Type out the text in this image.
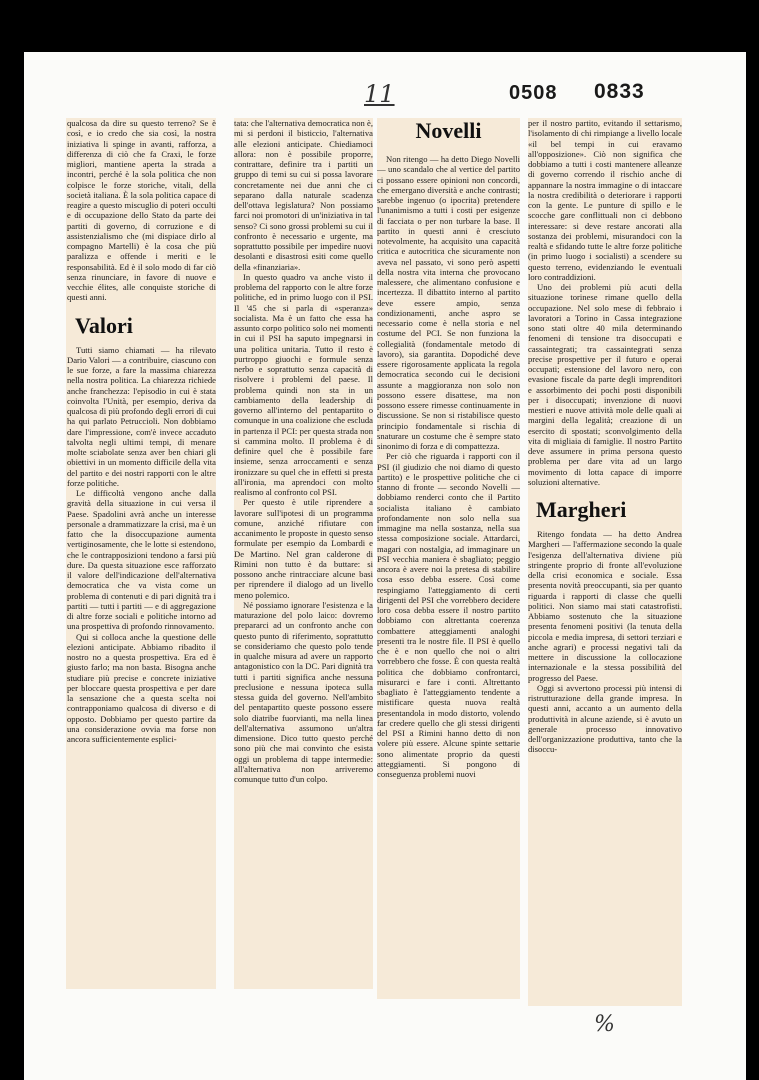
11	0508 0833

qualcosa da dire su questo terreno? Se è così, e io credo che sia così, la nostra iniziativa li spinge in avanti, rafforza, a differenza di ciò che fa Craxi, le forze migliori, mantiene aperta la strada a incontri, perché è la sola politica che non colpisce le forze storiche, vitali, della società italiana. È la sola politica capace di reagire a questo miscuglio di poteri occulti e di occupazione dello Stato da parte dei partiti di governo, di corruzione e di assistenzialismo che (mi dispiace dirlo al compagno Martelli) è la cosa che più paralizza e offende i meriti e le responsabilità. Ed è il solo modo di far ciò senza rinunciare, in favore di nuove e vecchie élites, alle conquiste storiche di questi anni.

Valori

Tutti siamo chiamati — ha rilevato Dario Valori — a contribuire, ciascuno con le sue forze, a fare la massima chiarezza nella nostra politica. La chiarezza richiede anche franchezza: l'episodio in cui è stata coinvolta l'Unità, per esempio, deriva da qualcosa di più profondo degli errori di cui ha qui parlato Petruccioli. Non dobbiamo dare l'impressione, com'è invece accaduto talvolta negli ultimi tempi, di menare molte sciabolate senza aver ben chiari gli obiettivi in un momento difficile della vita del partito e dei nostri rapporti con le altre forze politiche.

Le difficoltà vengono anche dalla gravità della situazione in cui versa il Paese. Spadolini avrà anche un interesse personale a drammatizzare la crisi, ma è un fatto che la disoccupazione aumenta vertiginosamente, che le lotte si estendono, che le contrapposizioni tendono a farsi più dure. Da questa situazione esce rafforzato il valore dell'indicazione dell'alternativa democratica che va vista come un problema di contenuti e di pari dignità tra i partiti — tutti i partiti — e di aggregazione di altre forze sociali e politiche intorno ad una prospettiva di profondo rinnovamento.

Qui si colloca anche la questione delle elezioni anticipate. Abbiamo ribadito il nostro no a questa prospettiva. Era ed è giusto farlo; ma non basta. Bisogna anche studiare più precise e concrete iniziative per bloccare questa prospettiva e per dare la sensazione che a questa scelta noi contrapponiamo qualcosa di diverso e di opposto. Dobbiamo per questo partire da una considerazione ovvia ma forse non ancora sufficientemente esplici-

tata: che l'alternativa democratica non è, mi si perdoni il bisticcio, l'alternativa alle elezioni anticipate. Chiediamoci allora: non è possibile proporre, contrattare, definire tra i partiti un gruppo di temi su cui si possa lavorare concretamente nei due anni che ci separano dalla naturale scadenza dell'ottava legislatura? Non possiamo farci noi promotori di un'iniziativa in tal senso? Ci sono grossi problemi su cui il confronto è necessario e urgente, ma soprattutto possibile per impedire nuovi desolanti e disastrosi esiti come quello della «finanziaria».

In questo quadro va anche visto il problema del rapporto con le altre forze politiche, ed in primo luogo con il PSI. Il '45 che si parla di «speranza» socialista. Ma è un fatto che essa ha assunto corpo politico solo nei momenti in cui il PSI ha saputo impegnarsi in una politica unitaria. Tutto il resto è purtroppo giuochi e formule senza nerbo e soprattutto senza capacità di risolvere i problemi del paese. Il problema quindi non sta in un cambiamento della leadership di governo all'interno del pentapartito o comunque in una coalizione che escluda in partenza il PCI: per questa strada non si cammina molto. Il problema è di definire quel che è possibile fare insieme, senza arroccamenti e senza ironizzare su quel che in effetti si presta all'ironia, ma aprendoci con molto realismo al confronto col PSI.

Per questo è utile riprendere a lavorare sull'ipotesi di un programma comune, anziché rifiutare con accanimento le proposte in questo senso formulate per esempio da Lombardi e De Martino. Nel gran calderone di Rimini non tutto è da buttare: si possono anche rintracciare alcune basi per riprendere il dialogo ad un livello meno polemico.

Né possiamo ignorare l'esistenza e la maturazione del polo laico: dovremo prepararci ad un confronto anche con questo punto di riferimento, soprattutto se consideriamo che questo polo tende in qualche misura ad avere un rapporto antagonistico con la DC. Pari dignità tra tutti i partiti significa anche nessuna preclusione e nessuna ipoteca sulla stessa guida del governo. Nell'ambito del pentapartito queste possono essere solo diatribe fuorvianti, ma nella linea dell'alternativa assumono un'altra dimensione. Dico tutto questo perché sono più che mai convinto che esista oggi un problema di tappe intermedie: all'alternativa non arriveremo comunque tutto d'un colpo.

Novelli

Non ritengo — ha detto Diego Novelli — uno scandalo che al vertice del partito ci possano essere opinioni non concordi, che emergano diversità e anche contrasti; sarebbe ingenuo (o ipocrita) pretendere l'unanimismo a tutti i costi per esigenze di facciata o per non turbare la base. Il partito in questi anni è cresciuto notevolmente, ha acquisito una capacità critica e autocritica che sicuramente non aveva nel passato, vi sono però aspetti della nostra vita interna che provocano malessere, che alimentano confusione e incertezza. Il dibattito interno al partito deve essere ampio, senza condizionamenti, anche aspro se necessario come è nella storia e nel costume del PCI. Se non funziona la collegialità (fondamentale metodo di lavoro), sia garantita. Dopodiché deve essere rigorosamente applicata la regola democratica secondo cui le decisioni assunte a maggioranza non solo non possono essere disattese, ma non possono essere rimesse continuamente in discussione. Se non si ristabilisce questo principio fondamentale si rischia di snaturare un costume che è sempre stato sinonimo di forza e di compattezza.

Per ciò che riguarda i rapporti con il PSI (il giudizio che noi diamo di questo partito) e le prospettive politiche che ci stanno di fronte — secondo Novelli — dobbiamo renderci conto che il Partito socialista italiano è cambiato profondamente non solo nella sua immagine ma nella sostanza, nella sua stessa composizione sociale. Attardarci, magari con nostalgia, ad immaginare un PSI vecchia maniera è sbagliato; peggio ancora è avere noi la pretesa di stabilire cosa esso debba essere. Così come respingiamo l'atteggiamento di certi dirigenti del PSI che vorrebbero decidere loro cosa debba essere il nostro partito dobbiamo con altrettanta coerenza combattere atteggiamenti analoghi presenti tra le nostre file. Il PSI è quello che è e non quello che noi o altri vorrebbero che fosse. È con questa realtà politica che dobbiamo confrontarci, misurarci e fare i conti. Altrettanto sbagliato è l'atteggiamento tendente a mistificare questa nuova realtà presentandola in modo distorto, volendo far credere quello che gli stessi dirigenti del PSI a Rimini hanno detto di non volere più essere. Alcune spinte settarie sono alimentate proprio da questi atteggiamenti. Si pongono di conseguenza problemi nuovi

per il nostro partito, evitando il settarismo, l'isolamento di chi rimpiange a livello locale «il bel tempi in cui eravamo all'opposizione». Ciò non significa che dobbiamo a tutti i costi mantenere alleanze di governo correndo il rischio anche di appannare la nostra immagine o di intaccare la nostra credibilità o deteriorare i rapporti con la gente. Le punture di spillo e le scocche gare conflittuali non ci debbono interessare: si deve restare ancorati alla sostanza dei problemi, misurandoci con la realtà e sfidando tutte le altre forze politiche (in primo luogo i socialisti) a scendere su questo terreno, evidenziando le eventuali loro contraddizioni.

Uno dei problemi più acuti della situazione torinese rimane quello della occupazione. Nel solo mese di febbraio i lavoratori a Torino in Cassa integrazione sono stati oltre 40 mila determinando fenomeni di tensione tra disoccupati e cassaintegrati; tra cassaintegrati senza precise prospettive per il futuro e operai occupati; estensione del lavoro nero, con evasione fiscale da parte degli imprenditori e assorbimento dei pochi posti disponibili per i disoccupati; invenzione di nuovi mestieri e nuove attività mole delle quali ai margini della legalità; creazione di un esercito di spostati; sconvolgimento della vita di migliaia di famiglie. Il nostro Partito deve assumere in prima persona questo problema per dare vita ad un largo movimento di lotta capace di imporre soluzioni alternative.

Margheri

Ritengo fondata — ha detto Andrea Margheri — l'affermazione secondo la quale l'esigenza dell'alternativa diviene più stringente proprio di fronte all'evoluzione della crisi economica e sociale. Essa presenta novità preoccupanti, sia per quanto riguarda i rapporti di classe che quelli politici. Non siamo mai stati catastrofisti. Abbiamo sostenuto che la situazione presenta fenomeni positivi (la tenuta della piccola e media impresa, di settori terziari e anche agrari) e processi negativi tali da mettere in discussione la collocazione internazionale e la stessa possibilità del progresso del Paese.

Oggi si avvertono processi più intensi di ristrutturazione della grande impresa. In questi anni, accanto a un aumento della produttività in alcune aziende, si è avuto un generale processo innovativo dell'organizzazione produttiva, tanto che la disoccu-

%
